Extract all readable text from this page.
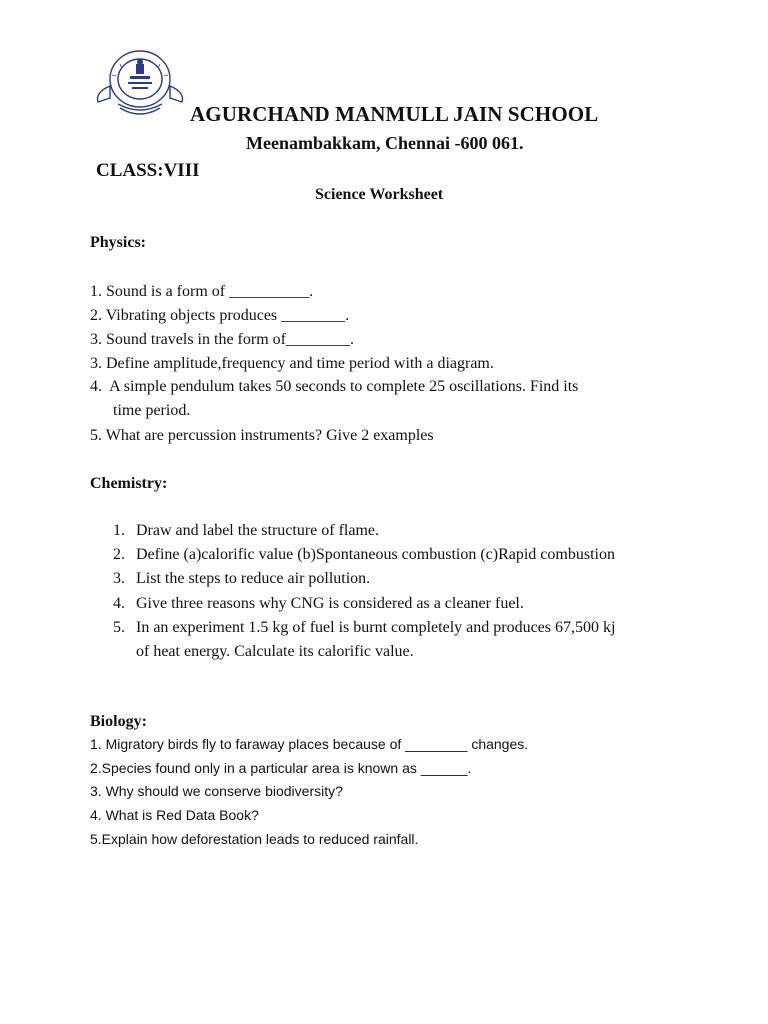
AGURCHAND MANMULL JAIN SCHOOL
Meenambakkam, Chennai -600 061.
CLASS:VIII
Science Worksheet
Physics:
1. Sound is a form of __________.
2. Vibrating objects produces ________.
3. Sound travels in the form of________.
3. Define amplitude,frequency and time period with a diagram.
4.  A simple pendulum takes 50 seconds to complete 25 oscillations. Find its
time period.
5. What are percussion instruments? Give 2 examples
Chemistry:
1. Draw and label the structure of flame.
2. Define (a)calorific value (b)Spontaneous combustion (c)Rapid combustion
3. List the steps to reduce air pollution.
4. Give three reasons why CNG is considered as a cleaner fuel.
5. In an experiment 1.5 kg of fuel is burnt completely and produces 67,500 kj
of heat energy. Calculate its calorific value.
Biology:
1. Migratory birds fly to faraway places because of ________ changes.
2.Species found only in a particular area is known as ______.
3. Why should we conserve biodiversity?
4. What is Red Data Book?
5.Explain how deforestation leads to reduced rainfall.
